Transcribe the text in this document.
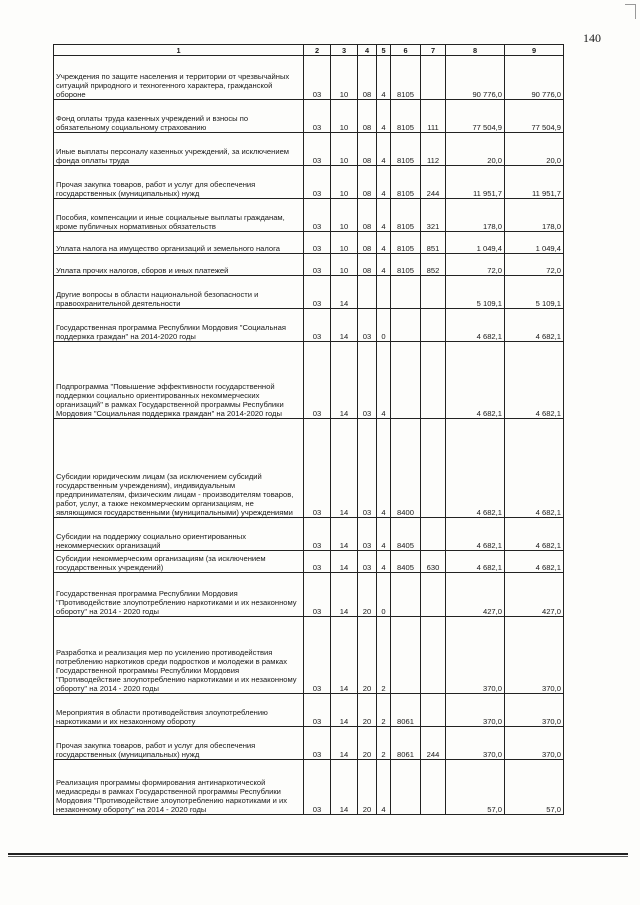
140
1	2	3	4	5	6	7	8	9
Учреждения по защите населения и территории от чрезвычайных ситуаций природного и техногенного характера, гражданской обороне	03	10	08	4	8105		90 776,0	90 776,0
Фонд оплаты труда казенных учреждений и взносы по обязательному социальному страхованию	03	10	08	4	8105	111	77 504,9	77 504,9
Иные выплаты персоналу казенных учреждений, за исключением фонда оплаты труда	03	10	08	4	8105	112	20,0	20,0
Прочая закупка товаров, работ и услуг для обеспечения государственных (муниципальных) нужд	03	10	08	4	8105	244	11 951,7	11 951,7
Пособия, компенсации и иные социальные выплаты гражданам, кроме публичных нормативных обязательств	03	10	08	4	8105	321	178,0	178,0
Уплата налога на имущество организаций и земельного налога	03	10	08	4	8105	851	1 049,4	1 049,4
Уплата прочих налогов, сборов и иных платежей	03	10	08	4	8105	852	72,0	72,0
Другие вопросы в области национальной безопасности и правоохранительной деятельности	03	14					5 109,1	5 109,1
Государственная программа Республики Мордовия "Социальная поддержка граждан" на 2014-2020 годы	03	14	03	0			4 682,1	4 682,1
Подпрограмма "Повышение эффективности государственной поддержки социально ориентированных некоммерческих организаций" в рамках Государственной программы Республики Мордовия "Социальная поддержка граждан" на 2014-2020 годы	03	14	03	4			4 682,1	4 682,1
Субсидии юридическим лицам (за исключением субсидий государственным учреждениям), индивидуальным предпринимателям, физическим лицам - производителям товаров, работ, услуг, а также некоммерческим организациям, не являющимся государственными (муниципальными) учреждениями	03	14	03	4	8400		4 682,1	4 682,1
Субсидии на поддержку социально ориентированных некоммерческих организаций	03	14	03	4	8405		4 682,1	4 682,1
Субсидии некоммерческим организациям (за исключением государственных учреждений)	03	14	03	4	8405	630	4 682,1	4 682,1
Государственная программа Республики Мордовия "Противодействие злоупотреблению наркотиками и их незаконному обороту" на 2014 - 2020 годы	03	14	20	0			427,0	427,0
Разработка и реализация мер по усилению противодействия потреблению наркотиков среди подростков и молодежи в рамках Государственной программы Республики Мордовия "Противодействие злоупотреблению наркотиками и их незаконному обороту" на 2014 - 2020 годы	03	14	20	2			370,0	370,0
Мероприятия в области противодействия злоупотреблению наркотиками и их незаконному обороту	03	14	20	2	8061		370,0	370,0
Прочая закупка товаров, работ и услуг для обеспечения государственных (муниципальных) нужд	03	14	20	2	8061	244	370,0	370,0
Реализация программы формирования антинаркотической медиасреды в рамках Государственной программы Республики Мордовия "Противодействие злоупотреблению наркотиками и их незаконному обороту" на 2014 - 2020 годы	03	14	20	4			57,0	57,0
